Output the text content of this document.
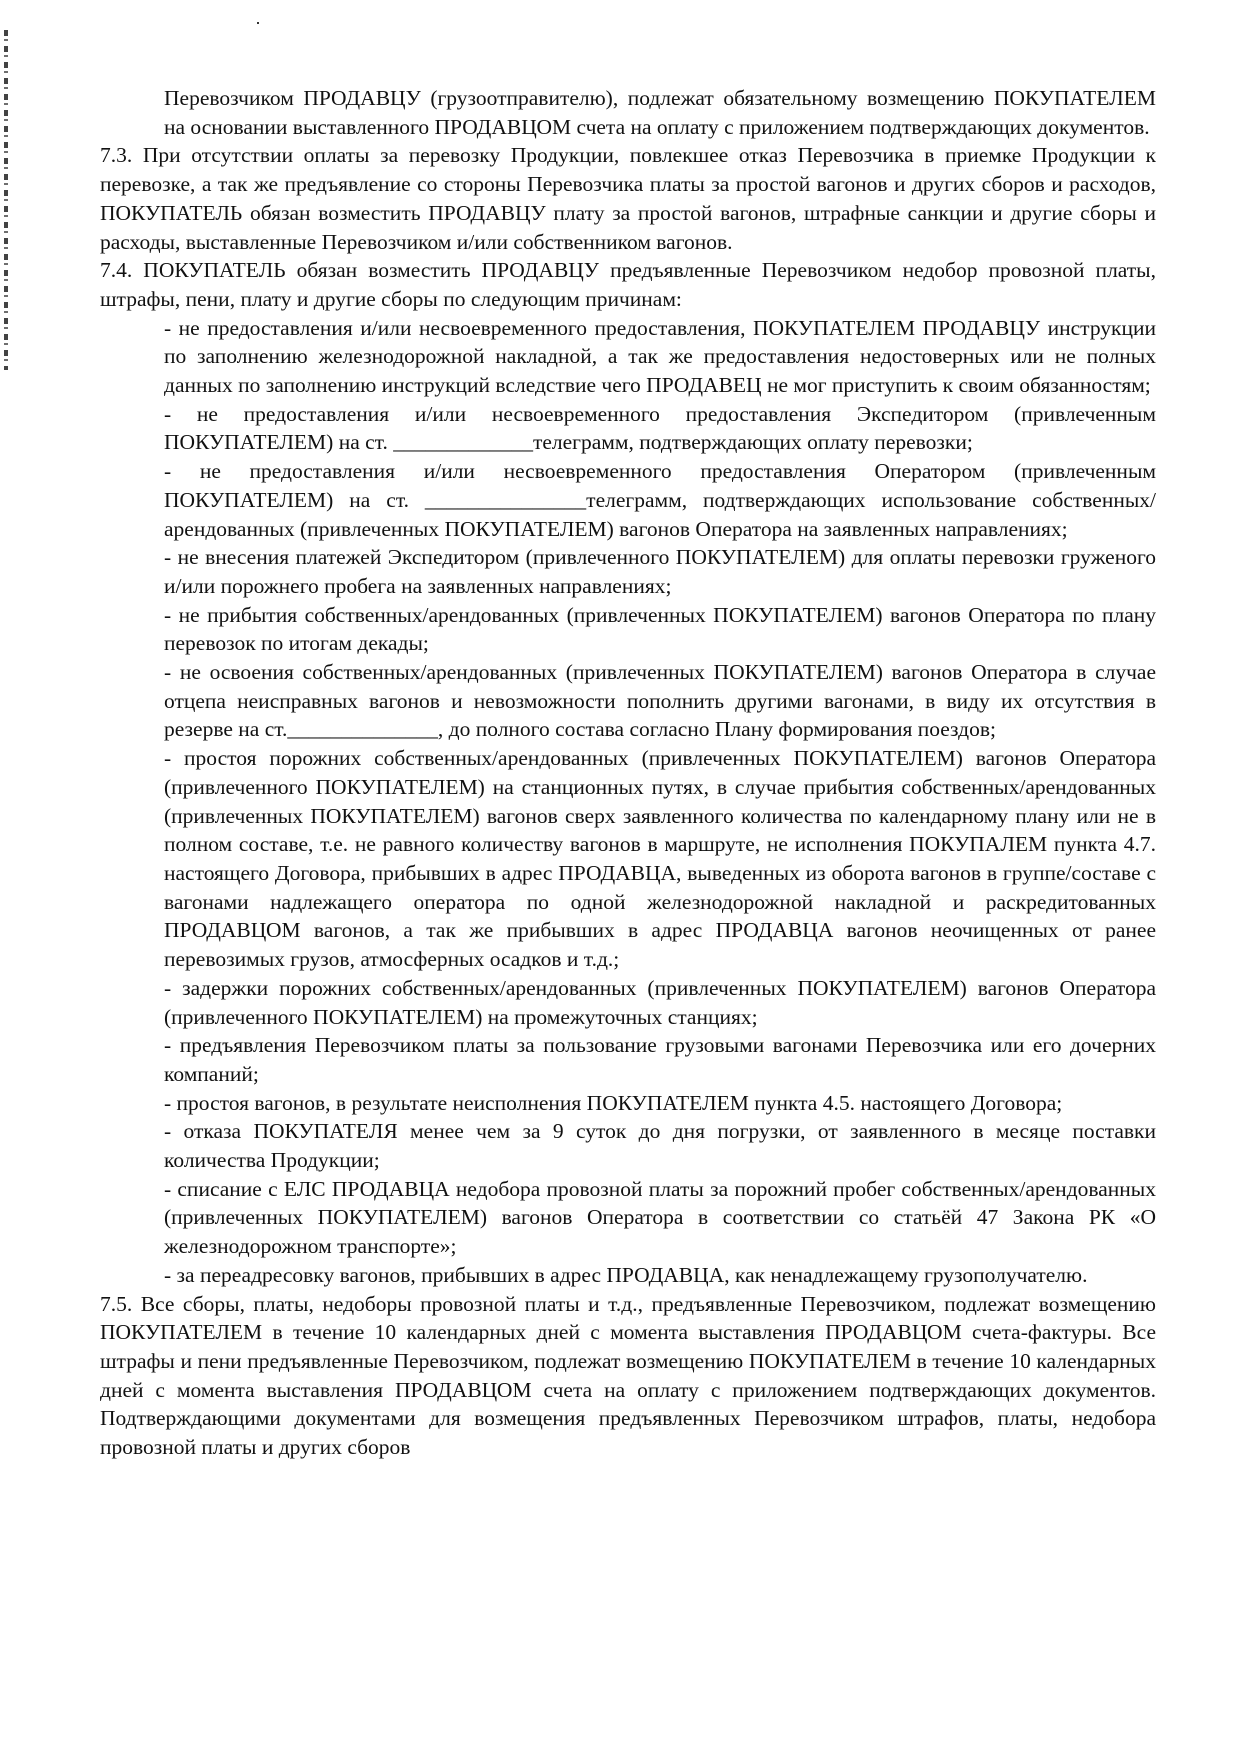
Перевозчиком ПРОДАВЦУ (грузоотправителю), подлежат обязательному возмещению ПОКУПАТЕЛЕМ на основании выставленного ПРОДАВЦОМ счета на оплату с приложением подтверждающих документов.

7.3. При отсутствии оплаты за перевозку Продукции, повлекшее отказ Перевозчика в приемке Продукции к перевозке, а так же предъявление со стороны Перевозчика платы за простой вагонов и других сборов и расходов, ПОКУПАТЕЛЬ обязан возместить ПРОДАВЦУ плату за простой вагонов, штрафные санкции и другие сборы и расходы, выставленные Перевозчиком и/или собственником вагонов.

7.4. ПОКУПАТЕЛЬ обязан возместить ПРОДАВЦУ предъявленные Перевозчиком недобор провозной платы, штрафы, пени, плату и другие сборы по следующим причинам:

- не предоставления и/или несвоевременного предоставления, ПОКУПАТЕЛЕМ ПРОДАВЦУ инструкции по заполнению железнодорожной накладной, а так же предоставления недостоверных или не полных данных по заполнению инструкций вследствие чего ПРОДАВЕЦ не мог приступить к своим обязанностям;

- не предоставления и/или несвоевременного предоставления Экспедитором (привлеченным ПОКУПАТЕЛЕМ) на ст. _____________телеграмм, подтверждающих оплату перевозки;

- не предоставления и/или несвоевременного предоставления Оператором (привлеченным ПОКУПАТЕЛЕМ) на ст. _______________телеграмм, подтверждающих использование собственных/арендованных (привлеченных ПОКУПАТЕЛЕМ) вагонов Оператора на заявленных направлениях;

- не внесения платежей Экспедитором (привлеченного ПОКУПАТЕЛЕМ) для оплаты перевозки груженого и/или порожнего пробега на заявленных направлениях;

- не прибытия собственных/арендованных (привлеченных ПОКУПАТЕЛЕМ) вагонов Оператора по плану перевозок по итогам декады;

- не освоения собственных/арендованных (привлеченных ПОКУПАТЕЛЕМ) вагонов Оператора в случае отцепа неисправных вагонов и невозможности пополнить другими вагонами, в виду их отсутствия в резерве на ст.______________, до полного состава согласно Плану формирования поездов;

- простоя порожних собственных/арендованных (привлеченных ПОКУПАТЕЛЕМ) вагонов Оператора (привлеченного ПОКУПАТЕЛЕМ) на станционных путях, в случае прибытия собственных/арендованных (привлеченных ПОКУПАТЕЛЕМ) вагонов сверх заявленного количества по календарному плану или не в полном составе, т.е. не равного количеству вагонов в маршруте, не исполнения ПОКУПАЛЕМ пункта 4.7. настоящего Договора, прибывших в адрес ПРОДАВЦА, выведенных из оборота вагонов в группе/составе с вагонами надлежащего оператора по одной железнодорожной накладной и раскредитованных ПРОДАВЦОМ вагонов, а так же прибывших в адрес ПРОДАВЦА вагонов неочищенных от ранее перевозимых грузов, атмосферных осадков и т.д.;

- задержки порожних собственных/арендованных (привлеченных ПОКУПАТЕЛЕМ) вагонов Оператора (привлеченного ПОКУПАТЕЛЕМ) на промежуточных станциях;

- предъявления Перевозчиком платы за пользование грузовыми вагонами Перевозчика или его дочерних компаний;

- простоя вагонов, в результате неисполнения ПОКУПАТЕЛЕМ пункта 4.5. настоящего Договора;

- отказа ПОКУПАТЕЛЯ менее чем за 9 суток до дня погрузки, от заявленного в месяце поставки количества Продукции;

- списание с ЕЛС ПРОДАВЦА недобора провозной платы за порожний пробег собственных/арендованных (привлеченных ПОКУПАТЕЛЕМ) вагонов Оператора в соответствии со статьёй 47 Закона РК «О железнодорожном транспорте»;

- за переадресовку вагонов, прибывших в адрес ПРОДАВЦА, как ненадлежащему грузополучателю.

7.5. Все сборы, платы, недоборы провозной платы и т.д., предъявленные Перевозчиком, подлежат возмещению ПОКУПАТЕЛЕМ в течение 10 календарных дней с момента выставления ПРОДАВЦОМ счета-фактуры. Все штрафы и пени предъявленные Перевозчиком, подлежат возмещению ПОКУПАТЕЛЕМ в течение 10 календарных дней с момента выставления ПРОДАВЦОМ счета на оплату с приложением подтверждающих документов. Подтверждающими документами для возмещения предъявленных Перевозчиком штрафов, платы, недобора провозной платы и других сборов
